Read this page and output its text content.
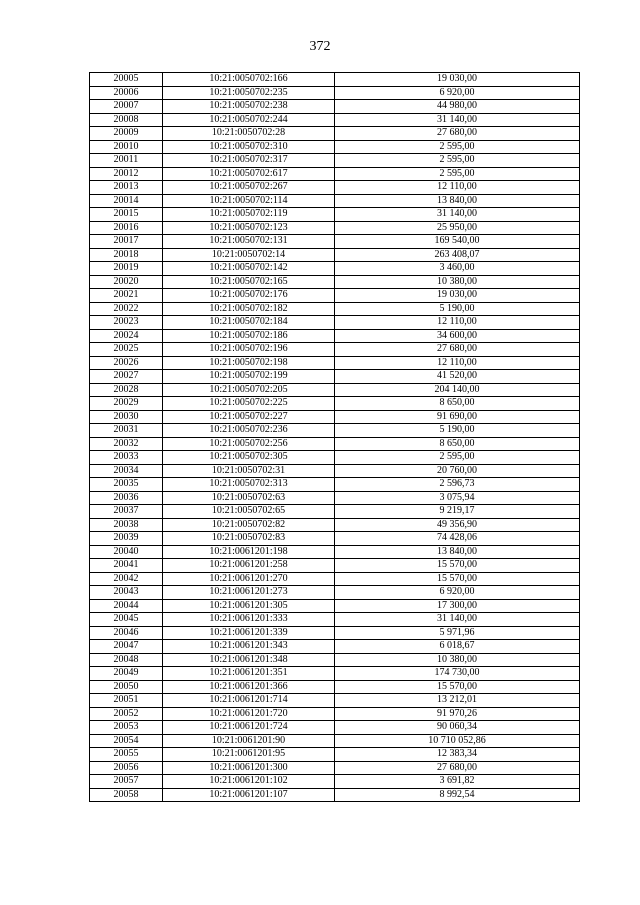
372
20005	10:21:0050702:166	19 030,00
20006	10:21:0050702:235	6 920,00
20007	10:21:0050702:238	44 980,00
20008	10:21:0050702:244	31 140,00
20009	10:21:0050702:28	27 680,00
20010	10:21:0050702:310	2 595,00
20011	10:21:0050702:317	2 595,00
20012	10:21:0050702:617	2 595,00
20013	10:21:0050702:267	12 110,00
20014	10:21:0050702:114	13 840,00
20015	10:21:0050702:119	31 140,00
20016	10:21:0050702:123	25 950,00
20017	10:21:0050702:131	169 540,00
20018	10:21:0050702:14	263 408,07
20019	10:21:0050702:142	3 460,00
20020	10:21:0050702:165	10 380,00
20021	10:21:0050702:176	19 030,00
20022	10:21:0050702:182	5 190,00
20023	10:21:0050702:184	12 110,00
20024	10:21:0050702:186	34 600,00
20025	10:21:0050702:196	27 680,00
20026	10:21:0050702:198	12 110,00
20027	10:21:0050702:199	41 520,00
20028	10:21:0050702:205	204 140,00
20029	10:21:0050702:225	8 650,00
20030	10:21:0050702:227	91 690,00
20031	10:21:0050702:236	5 190,00
20032	10:21:0050702:256	8 650,00
20033	10:21:0050702:305	2 595,00
20034	10:21:0050702:31	20 760,00
20035	10:21:0050702:313	2 596,73
20036	10:21:0050702:63	3 075,94
20037	10:21:0050702:65	9 219,17
20038	10:21:0050702:82	49 356,90
20039	10:21:0050702:83	74 428,06
20040	10:21:0061201:198	13 840,00
20041	10:21:0061201:258	15 570,00
20042	10:21:0061201:270	15 570,00
20043	10:21:0061201:273	6 920,00
20044	10:21:0061201:305	17 300,00
20045	10:21:0061201:333	31 140,00
20046	10:21:0061201:339	5 971,96
20047	10:21:0061201:343	6 018,67
20048	10:21:0061201:348	10 380,00
20049	10:21:0061201:351	174 730,00
20050	10:21:0061201:366	15 570,00
20051	10:21:0061201:714	13 212,01
20052	10:21:0061201:720	91 970,26
20053	10:21:0061201:724	90 060,34
20054	10:21:0061201:90	10 710 052,86
20055	10:21:0061201:95	12 383,34
20056	10:21:0061201:300	27 680,00
20057	10:21:0061201:102	3 691,82
20058	10:21:0061201:107	8 992,54
